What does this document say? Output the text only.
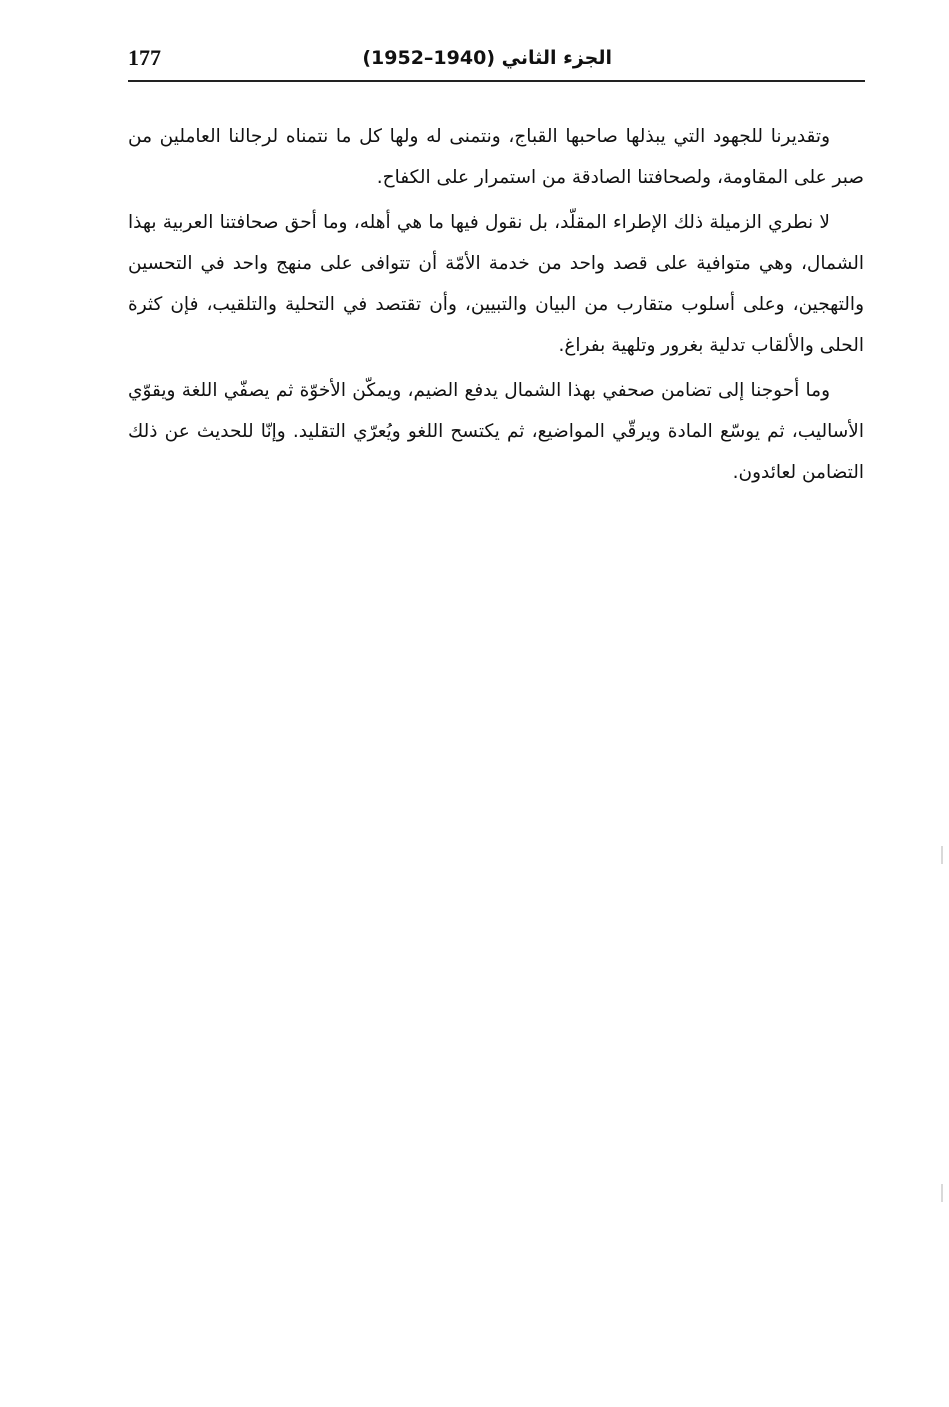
177	الجزء الثاني (1940–1952)

وتقديرنا للجهود التي يبذلها صاحبها القباج، ونتمنى له ولها كل ما نتمناه لرجالنا العاملين من صبر على المقاومة، ولصحافتنا الصادقة من استمرار على الكفاح.

لا نطري الزميلة ذلك الإطراء المقلّد، بل نقول فيها ما هي أهله، وما أحق صحافتنا العربية بهذا الشمال، وهي متوافية على قصد واحد من خدمة الأمّة أن تتوافى على منهج واحد في التحسين والتهجين، وعلى أسلوب متقارب من البيان والتبيين، وأن تقتصد في التحلية والتلقيب، فإن كثرة الحلى والألقاب تدلية بغرور وتلهية بفراغ.

وما أحوجنا إلى تضامن صحفي بهذا الشمال يدفع الضيم، ويمكّن الأخوّة ثم يصفّي اللغة ويقوّي الأساليب، ثم يوسّع المادة ويرقّي المواضيع، ثم يكتسح اللغو ويُعرّي التقليد. وإنّا للحديث عن ذلك التضامن لعائدون.
